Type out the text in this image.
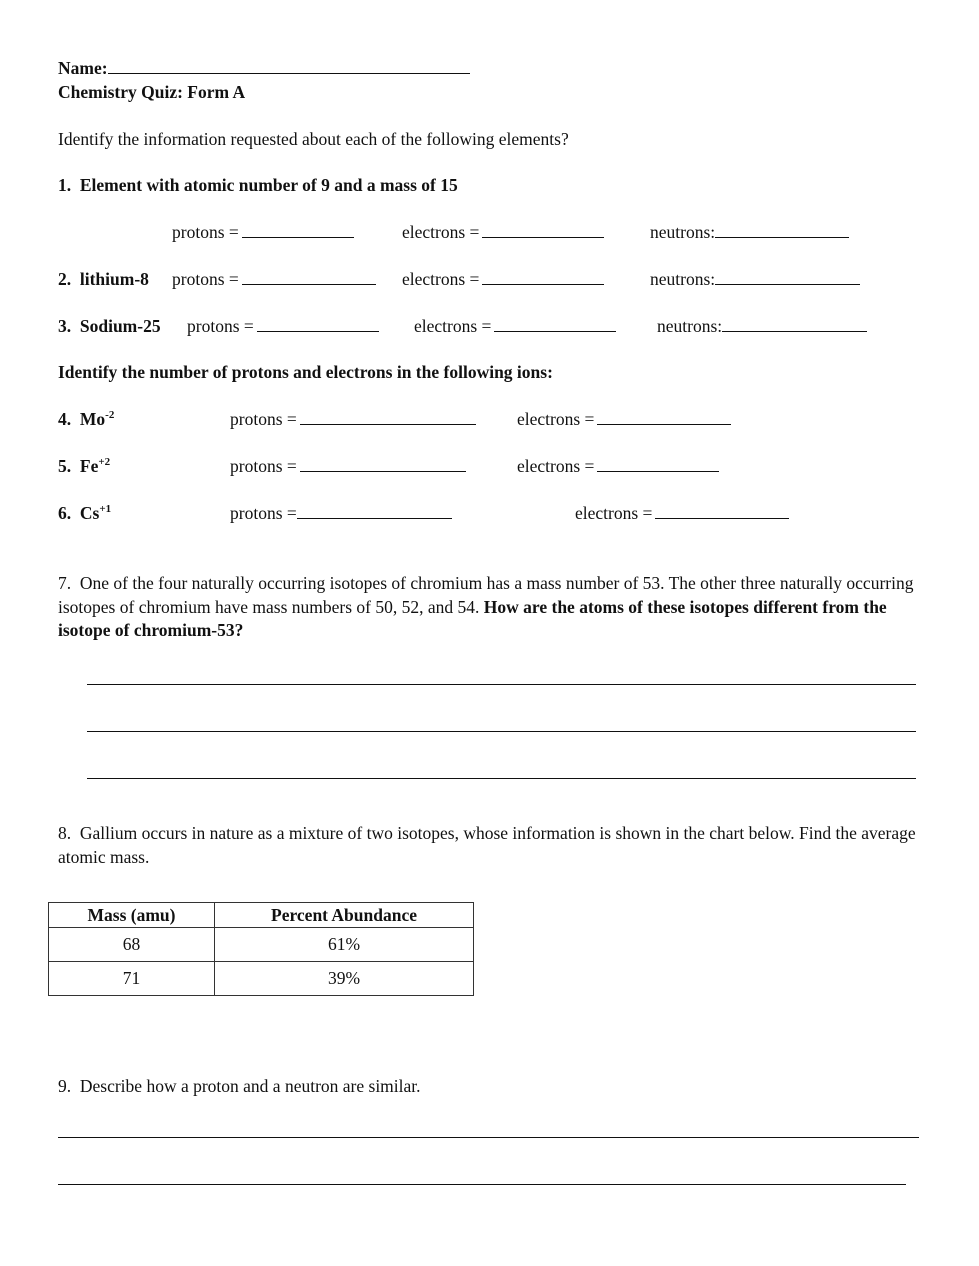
Name:
Chemistry Quiz: Form A
Identify the information requested about each of the following elements?
1. Element with atomic number of 9 and a mass of 15
protons =	electrons =	neutrons:
2. lithium-8 protons =	electrons =	neutrons:
3. Sodium-25 protons =	electrons =	neutrons:
Identify the number of protons and electrons in the following ions:
4. $Mo^{-2}$	protons =	electrons =
5. $Fe^{+2}$	protons =	electrons =
6. $Cs^{+1}$	protons =	electrons =
7. One of the four naturally occurring isotopes of chromium has a mass number of 53. The other three naturally occurring isotopes of chromium have mass numbers of 50, 52, and 54. How are the atoms of these isotopes different from the isotope of chromium-53?
8. Gallium occurs in nature as a mixture of two isotopes, whose information is shown in the chart below. Find the average atomic mass.
Mass (amu)	Percent Abundance
68	61%
71	39%
9. Describe how a proton and a neutron are similar.
